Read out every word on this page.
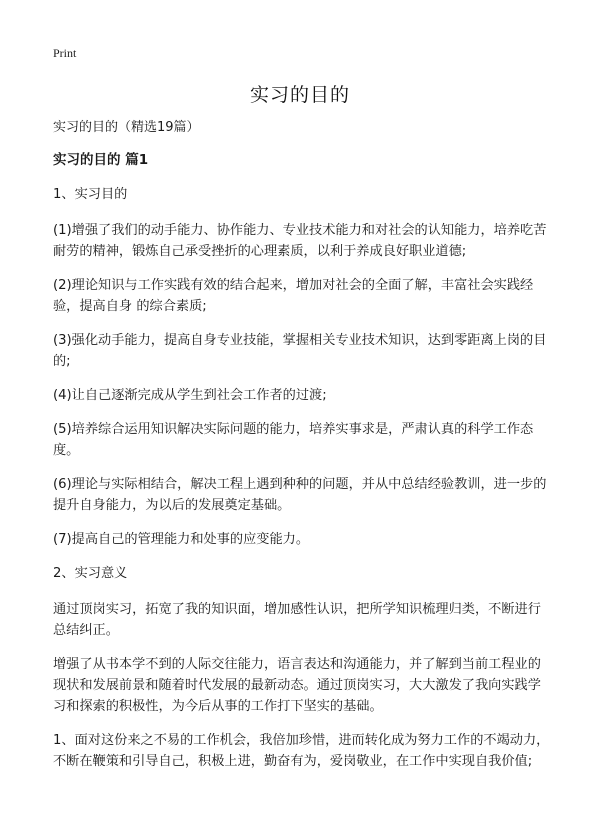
Print
实习的目的
实习的目的（精选19篇）
实习的目的 篇1
1、实习目的
(1)增强了我们的动手能力、协作能力、专业技术能力和对社会的认知能力，培养吃苦耐劳的精神，锻炼自己承受挫折的心理素质，以利于养成良好职业道德;
(2)理论知识与工作实践有效的结合起来，增加对社会的全面了解，丰富社会实践经验，提高自身 的综合素质;
(3)强化动手能力，提高自身专业技能，掌握相关专业技术知识，达到零距离上岗的目的;
(4)让自己逐渐完成从学生到社会工作者的过渡;
(5)培养综合运用知识解决实际问题的能力，培养实事求是，严肃认真的科学工作态度。
(6)理论与实际相结合，解决工程上遇到种种的问题，并从中总结经验教训，进一步的提升自身能力，为以后的发展奠定基础。
(7)提高自己的管理能力和处事的应变能力。
2、实习意义
通过顶岗实习，拓宽了我的知识面，增加感性认识，把所学知识梳理归类，不断进行总结纠正。
增强了从书本学不到的人际交往能力，语言表达和沟通能力，并了解到当前工程业的现状和发展前景和随着时代发展的最新动态。通过顶岗实习，大大激发了我向实践学习和探索的积极性，为今后从事的工作打下坚实的基础。
1、面对这份来之不易的工作机会，我倍加珍惜，进而转化成为努力工作的不竭动力，不断在鞭策和引导自己，积极上进，勤奋有为，爱岗敬业，在工作中实现自我价值;
